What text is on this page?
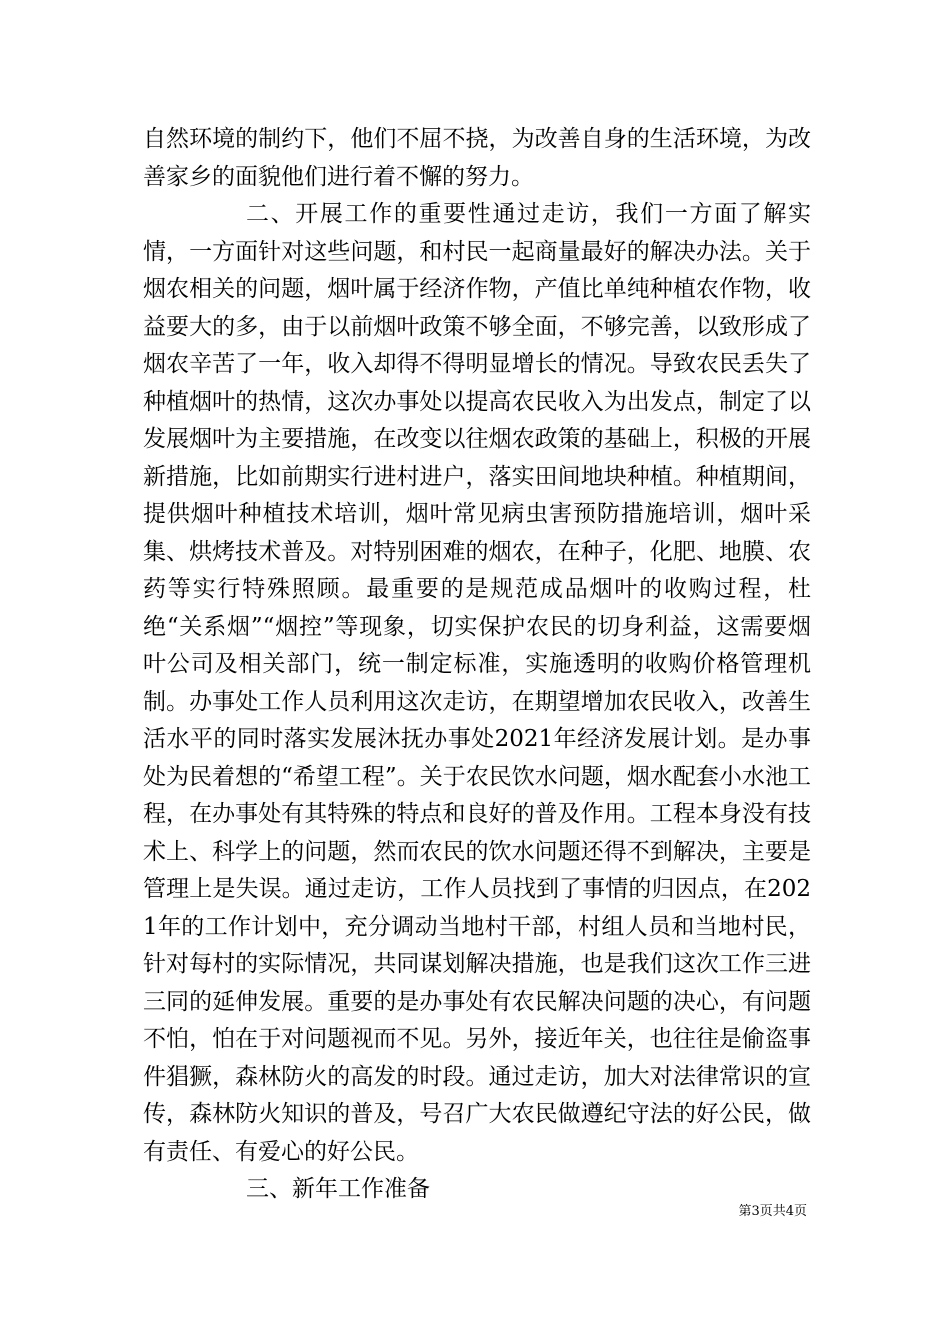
自然环境的制约下，他们不屈不挠，为改善自身的生活环境，为改善家乡的面貌他们进行着不懈的努力。

二、开展工作的重要性通过走访，我们一方面了解实情，一方面针对这些问题，和村民一起商量最好的解决办法。关于烟农相关的问题，烟叶属于经济作物，产值比单纯种植农作物，收益要大的多，由于以前烟叶政策不够全面，不够完善，以致形成了烟农辛苦了一年，收入却得不得明显增长的情况。导致农民丢失了种植烟叶的热情，这次办事处以提高农民收入为出发点，制定了以发展烟叶为主要措施，在改变以往烟农政策的基础上，积极的开展新措施，比如前期实行进村进户，落实田间地块种植。种植期间，提供烟叶种植技术培训，烟叶常见病虫害预防措施培训，烟叶采集、烘烤技术普及。对特别困难的烟农，在种子，化肥、地膜、农药等实行特殊照顾。最重要的是规范成品烟叶的收购过程，杜绝“关系烟”“烟控”等现象，切实保护农民的切身利益，这需要烟叶公司及相关部门，统一制定标准，实施透明的收购价格管理机制。办事处工作人员利用这次走访，在期望增加农民收入，改善生活水平的同时落实发展沐抚办事处2021年经济发展计划。是办事处为民着想的“希望工程”。关于农民饮水问题，烟水配套小水池工程，在办事处有其特殊的特点和良好的普及作用。工程本身没有技术上、科学上的问题，然而农民的饮水问题还得不到解决，主要是管理上是失误。通过走访，工作人员找到了事情的归因点，在2021年的工作计划中，充分调动当地村干部，村组人员和当地村民，针对每村的实际情况，共同谋划解决措施，也是我们这次工作三进三同的延伸发展。重要的是办事处有农民解决问题的决心，有问题不怕，怕在于对问题视而不见。另外，接近年关，也往往是偷盗事件猖獗，森林防火的高发的时段。通过走访，加大对法律常识的宣传，森林防火知识的普及，号召广大农民做遵纪守法的好公民，做有责任、有爱心的好公民。

三、新年工作准备

第3页共4页
